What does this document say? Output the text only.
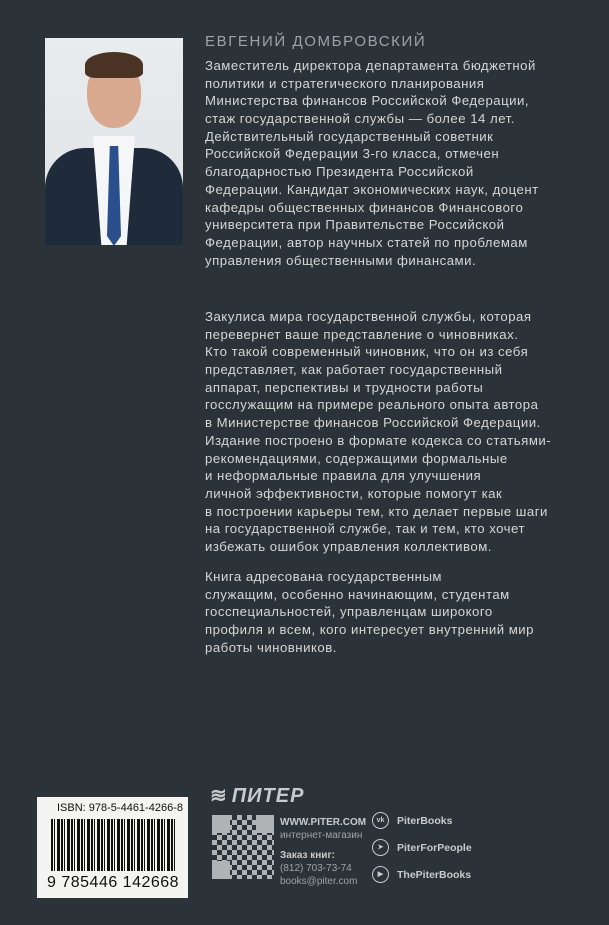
ЕВГЕНИЙ ДОМБРОВСКИЙ
Заместитель директора департамента бюджетной
политики и стратегического планирования
Министерства финансов Российской Федерации,
стаж государственной службы — более 14 лет.
Действительный государственный советник
Российской Федерации 3-го класса, отмечен
благодарностью Президента Российской
Федерации. Кандидат экономических наук, доцент
кафедры общественных финансов Финансового
университета при Правительстве Российской
Федерации, автор научных статей по проблемам
управления общественными финансами.
Закулиса мира государственной службы, которая
перевернет ваше представление о чиновниках.
Кто такой современный чиновник, что он из себя
представляет, как работает государственный
аппарат, перспективы и трудности работы
госслужащим на примере реального опыта автора
в Министерстве финансов Российской Федерации.
Издание построено в формате кодекса со статьями-
рекомендациями, содержащими формальные
и неформальные правила для улучшения
личной эффективности, которые помогут как
в построении карьеры тем, кто делает первые шаги
на государственной службе, так и тем, кто хочет
избежать ошибок управления коллективом.
Книга адресована государственным
служащим, особенно начинающим, студентам
госспециальностей, управленцам широкого
профиля и всем, кого интересует внутренний мир
работы чиновников.
ISBN: 978-5-4461-4266-8
9 785446 142668
≋ ПИТЕР
WWW.PITER.COM
интернет-магазин
Заказ книг:
(812) 703-73-74
books@piter.com
vk	PiterBooks
➤	PiterForPeople
▶	ThePiterBooks
